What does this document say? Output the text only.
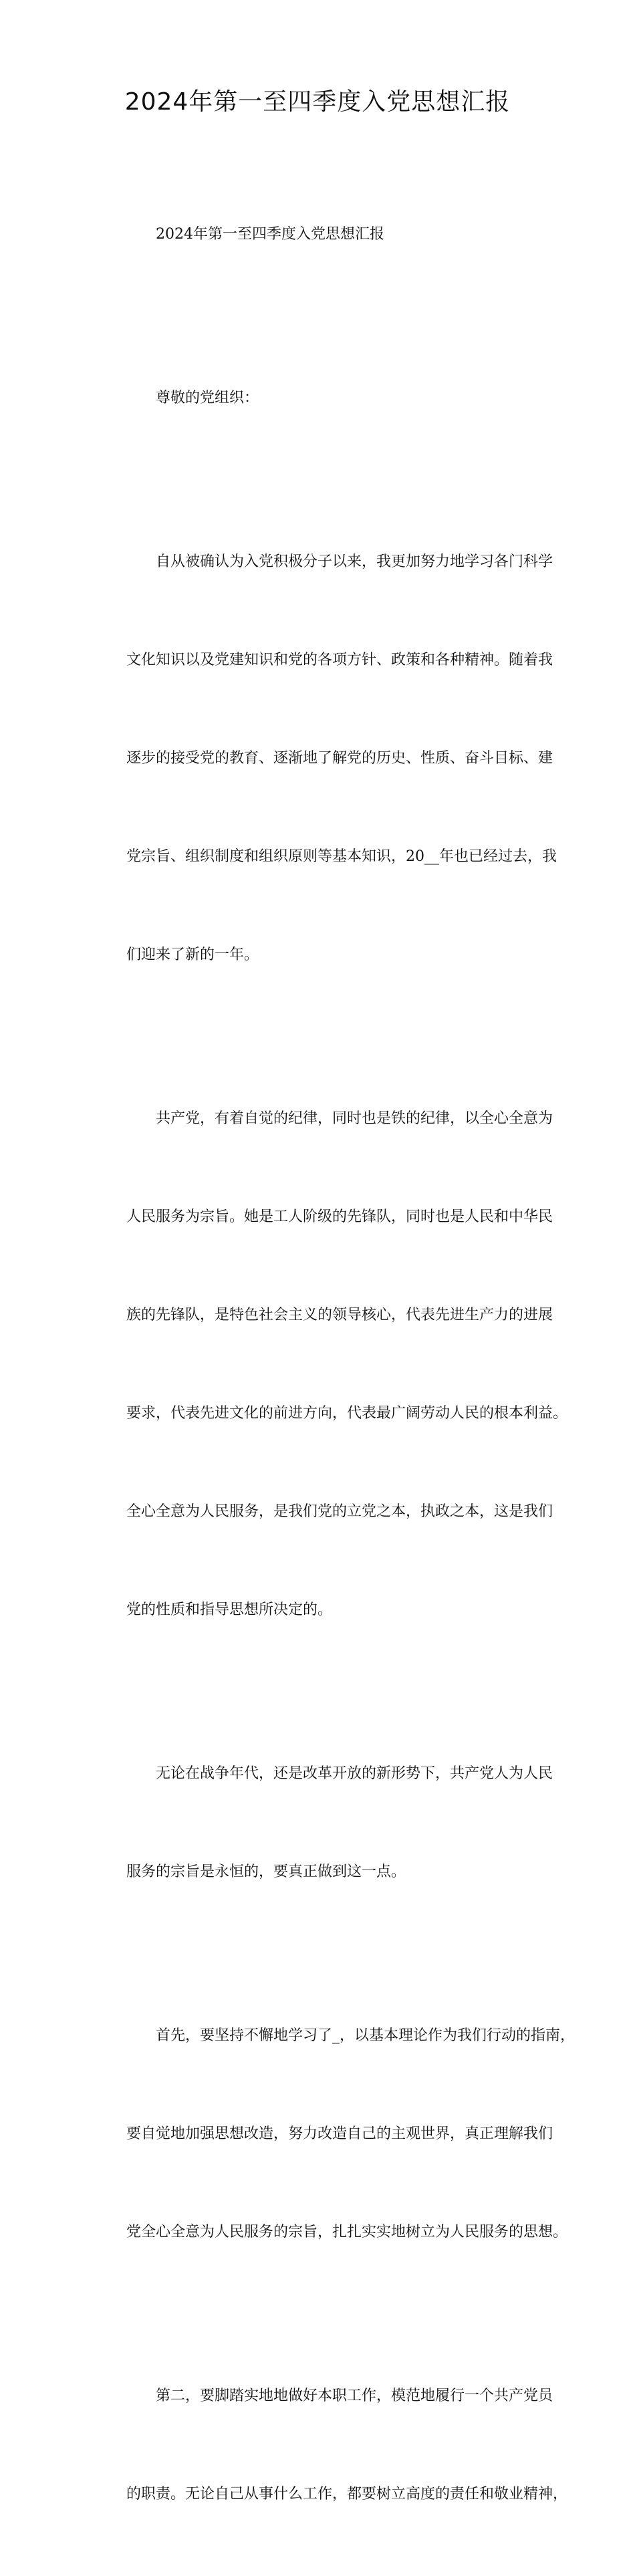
2024年第一至四季度入党思想汇报

2024年第一至四季度入党思想汇报

尊敬的党组织：

自从被确认为入党积极分子以来，我更加努力地学习各门科学

文化知识以及党建知识和党的各项方针、政策和各种精神。随着我

逐步的接受党的教育、逐渐地了解党的历史、性质、奋斗目标、建

党宗旨、组织制度和组织原则等基本知识，20__年也已经过去，我

们迎来了新的一年。

共产党，有着自觉的纪律，同时也是铁的纪律，以全心全意为

人民服务为宗旨。她是工人阶级的先锋队，同时也是人民和中华民

族的先锋队，是特色社会主义的领导核心，代表先进生产力的进展

要求，代表先进文化的前进方向，代表最广阔劳动人民的根本利益。

全心全意为人民服务，是我们党的立党之本，执政之本，这是我们

党的性质和指导思想所决定的。

无论在战争年代，还是改革开放的新形势下，共产党人为人民

服务的宗旨是永恒的，要真正做到这一点。

首先，要坚持不懈地学习了_，以基本理论作为我们行动的指南，

要自觉地加强思想改造，努力改造自己的主观世界，真正理解我们

党全心全意为人民服务的宗旨，扎扎实实地树立为人民服务的思想。

第二，要脚踏实地地做好本职工作，模范地履行一个共产党员

的职责。无论自己从事什么工作，都要树立高度的责任和敬业精神，
